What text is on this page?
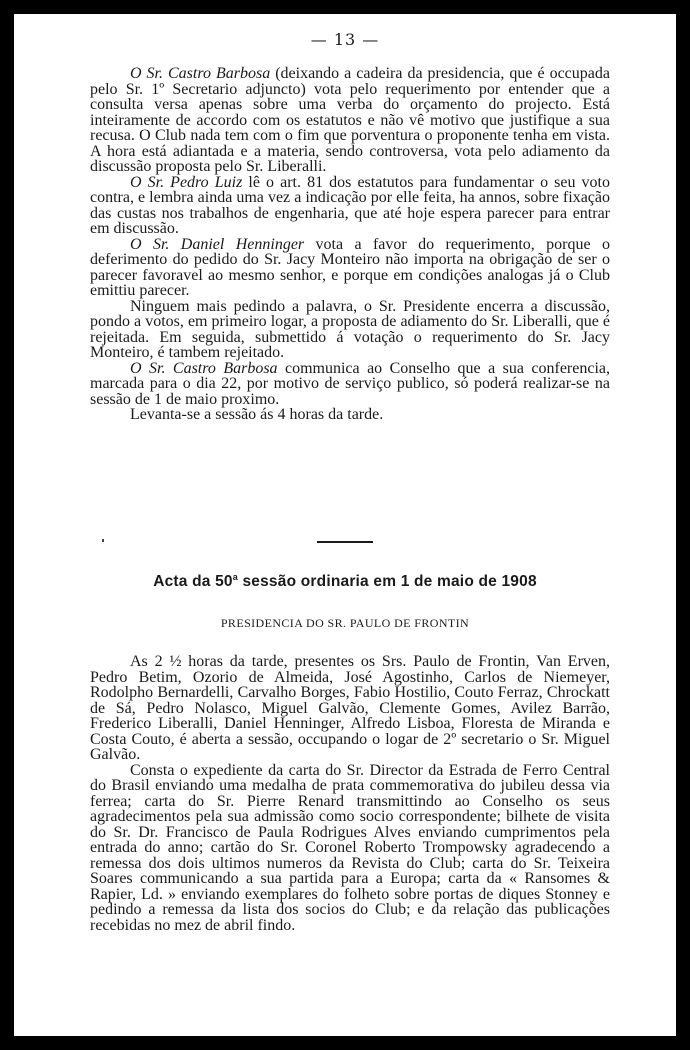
— 13 —

O Sr. Castro Barbosa (deixando a cadeira da presidencia, que é occupada pelo Sr. 1º Secretario adjuncto) vota pelo requerimento por entender que a consulta versa apenas sobre uma verba do orçamento do projecto. Está inteiramente de accordo com os estatutos e não vê motivo que justifique a sua recusa. O Club nada tem com o fim que porventura o proponente tenha em vista. A hora está adiantada e a materia, sendo controversa, vota pelo adiamento da discussão proposta pelo Sr. Liberalli.

O Sr. Pedro Luiz lê o art. 81 dos estatutos para fundamentar o seu voto contra, e lembra ainda uma vez a indicação por elle feita, ha annos, sobre fixação das custas nos trabalhos de engenharia, que até hoje espera parecer para entrar em discussão.

O Sr. Daniel Henninger vota a favor do requerimento, porque o deferimento do pedido do Sr. Jacy Monteiro não importa na obrigação de ser o parecer favoravel ao mesmo senhor, e porque em condições analogas já o Club emittiu parecer.

Ninguem mais pedindo a palavra, o Sr. Presidente encerra a discussão, pondo a votos, em primeiro logar, a proposta de adiamento do Sr. Liberalli, que é rejeitada. Em seguida, submettido á votação o requerimento do Sr. Jacy Monteiro, é tambem rejeitado.

O Sr. Castro Barbosa communica ao Conselho que a sua conferencia, marcada para o dia 22, por motivo de serviço publico, só poderá realizar-se na sessão de 1 de maio proximo.

Levanta-se a sessão ás 4 horas da tarde.

Acta da 50$^a$ sessão ordinaria em 1 de maio de 1908
PRESIDENCIA DO SR. PAULO DE FRONTIN

As 2 ½ horas da tarde, presentes os Srs. Paulo de Frontin, Van Erven, Pedro Betim, Ozorio de Almeida, José Agostinho, Carlos de Niemeyer, Rodolpho Bernardelli, Carvalho Borges, Fabio Hostilio, Couto Ferraz, Chrockatt de Sá, Pedro Nolasco, Miguel Galvão, Clemente Gomes, Avilez Barrão, Frederico Liberalli, Daniel Henninger, Alfredo Lisboa, Floresta de Miranda e Costa Couto, é aberta a sessão, occupando o logar de 2º secretario o Sr. Miguel Galvão.

Consta o expediente da carta do Sr. Director da Estrada de Ferro Central do Brasil enviando uma medalha de prata commemorativa do jubileu dessa via ferrea; carta do Sr. Pierre Renard transmittindo ao Conselho os seus agradecimentos pela sua admissão como socio correspondente; bilhete de visita do Sr. Dr. Francisco de Paula Rodrigues Alves enviando cumprimentos pela entrada do anno; cartão do Sr. Coronel Roberto Trompowsky agradecendo a remessa dos dois ultimos numeros da Revista do Club; carta do Sr. Teixeira Soares communicando a sua partida para a Europa; carta da « Ransomes & Rapier, Ld. » enviando exemplares do folheto sobre portas de diques Stonney e pedindo a remessa da lista dos socios do Club; e da relação das publicações recebidas no mez de abril findo.
